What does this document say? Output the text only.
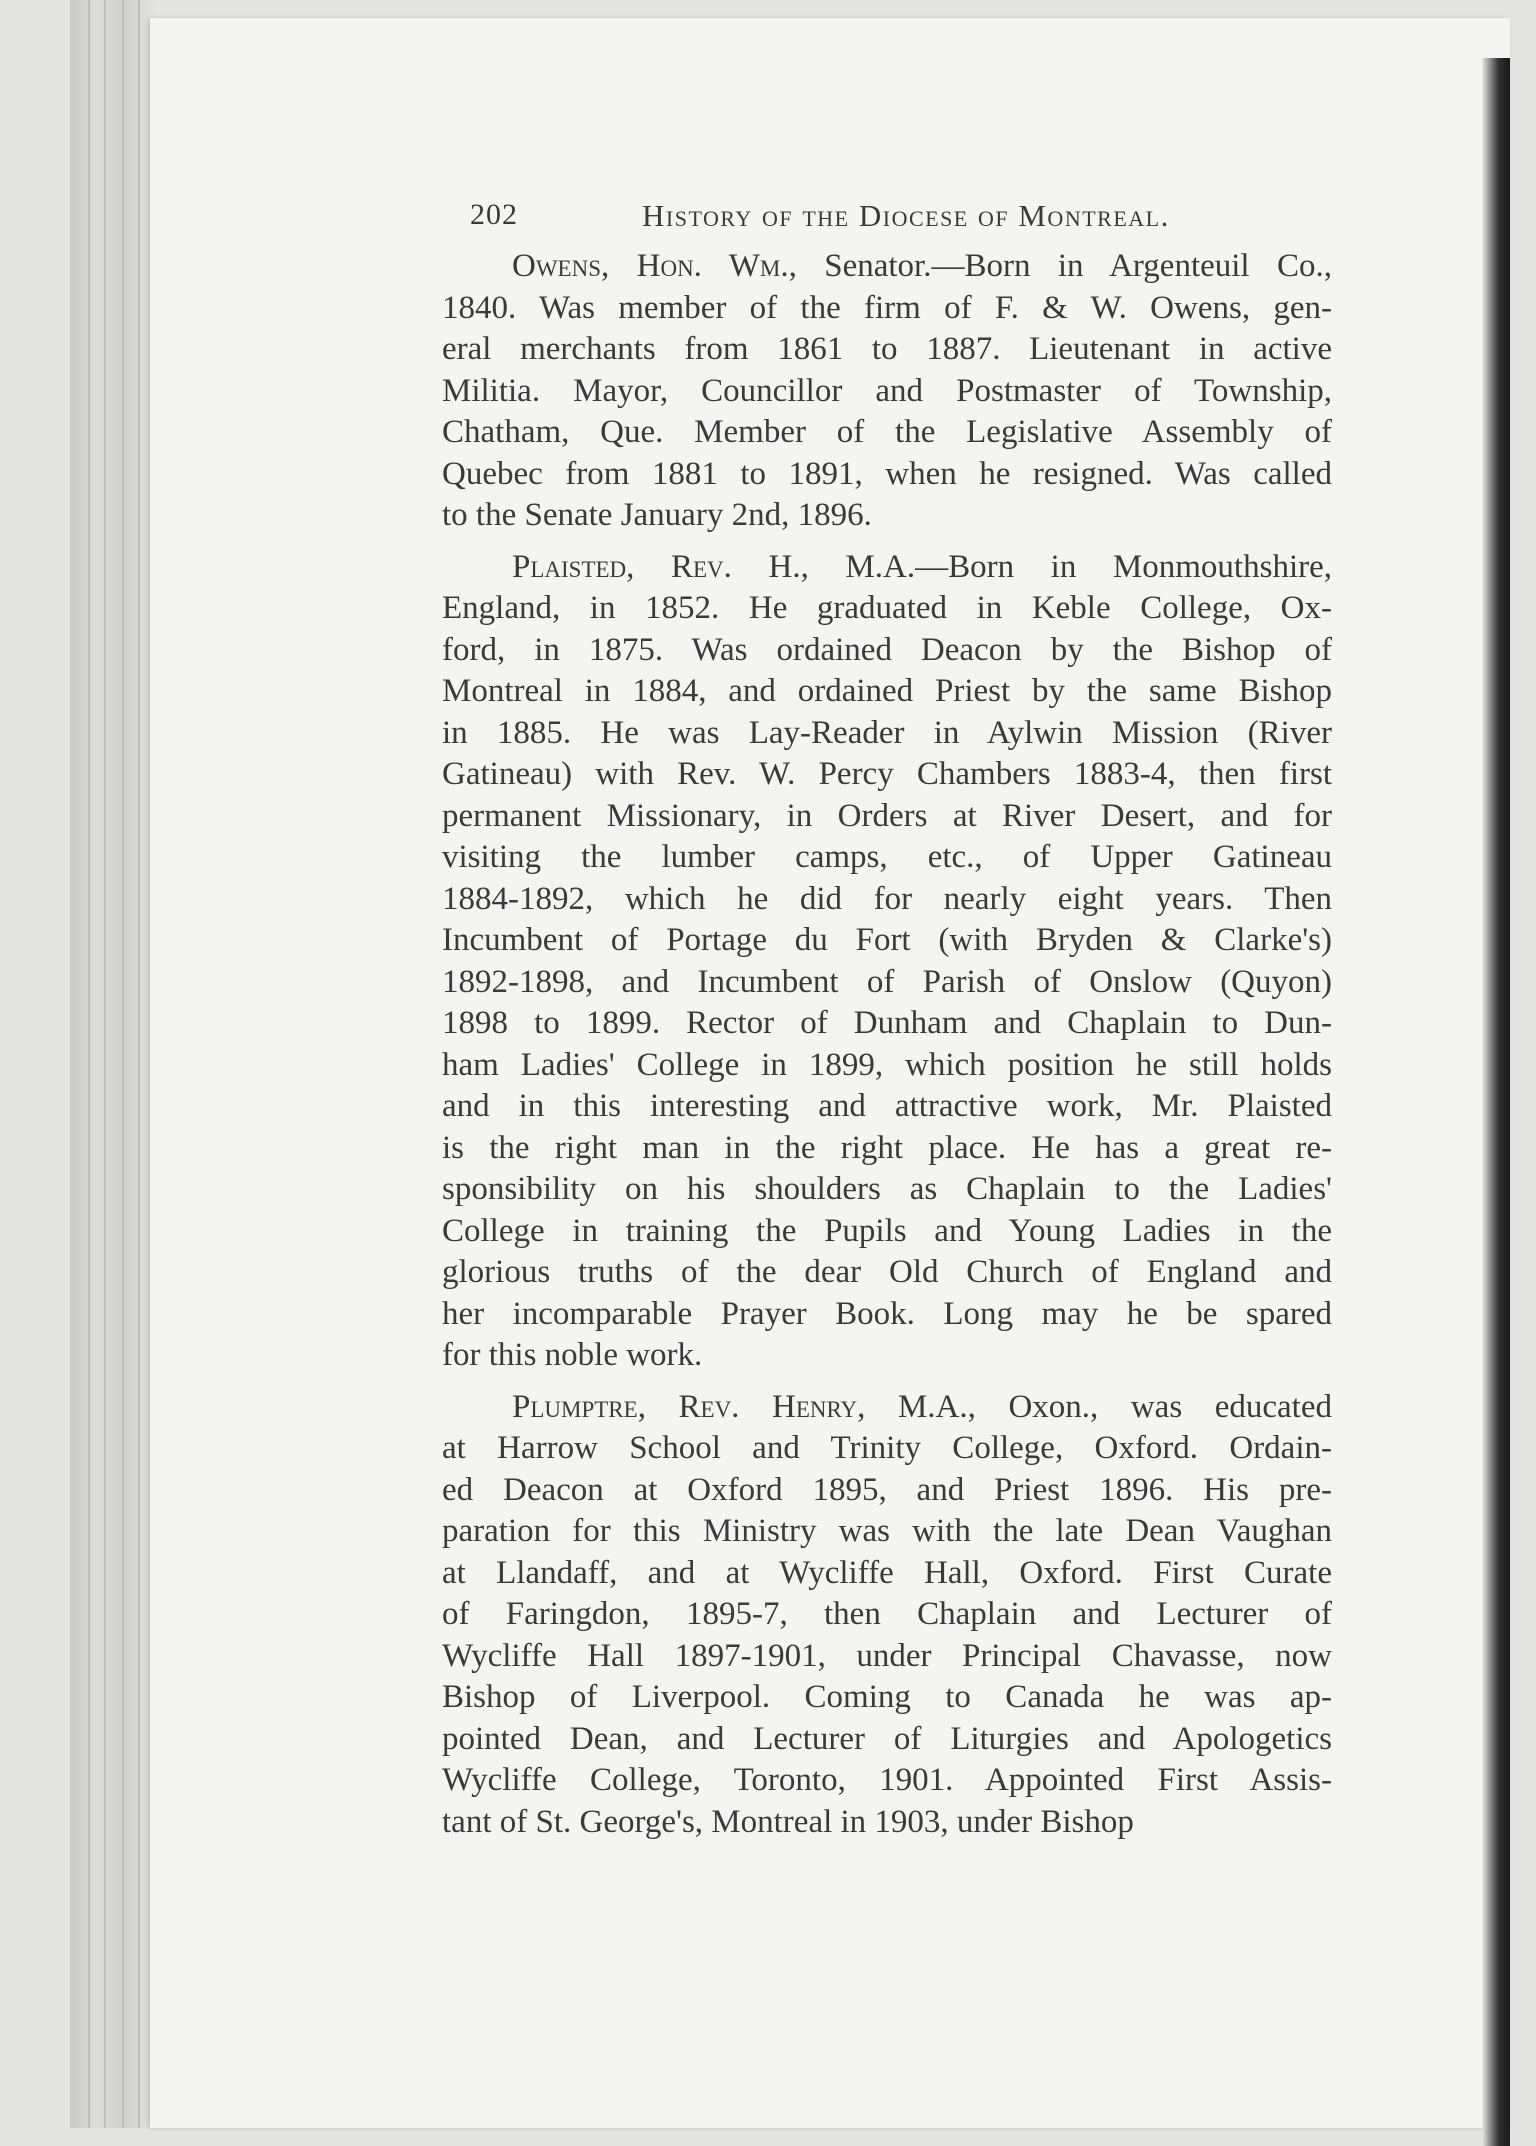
202	History of the Diocese of Montreal.
Owens, Hon. Wm., Senator.—Born in Argenteuil Co.,
1840. Was member of the firm of F. & W. Owens, gen-
eral merchants from 1861 to 1887. Lieutenant in active
Militia. Mayor, Councillor and Postmaster of Township,
Chatham, Que. Member of the Legislative Assembly of
Quebec from 1881 to 1891, when he resigned. Was called
to the Senate January 2nd, 1896.
Plaisted, Rev. H., M.A.—Born in Monmouthshire,
England, in 1852. He graduated in Keble College, Ox-
ford, in 1875. Was ordained Deacon by the Bishop of
Montreal in 1884, and ordained Priest by the same Bishop
in 1885. He was Lay-Reader in Aylwin Mission (River
Gatineau) with Rev. W. Percy Chambers 1883-4, then first
permanent Missionary, in Orders at River Desert, and for
visiting the lumber camps, etc., of Upper Gatineau
1884-1892, which he did for nearly eight years. Then
Incumbent of Portage du Fort (with Bryden & Clarke's)
1892-1898, and Incumbent of Parish of Onslow (Quyon)
1898 to 1899. Rector of Dunham and Chaplain to Dun-
ham Ladies' College in 1899, which position he still holds
and in this interesting and attractive work, Mr. Plaisted
is the right man in the right place. He has a great re-
sponsibility on his shoulders as Chaplain to the Ladies'
College in training the Pupils and Young Ladies in the
glorious truths of the dear Old Church of England and
her incomparable Prayer Book. Long may he be spared
for this noble work.
Plumptre, Rev. Henry, M.A., Oxon., was educated
at Harrow School and Trinity College, Oxford. Ordain-
ed Deacon at Oxford 1895, and Priest 1896. His pre-
paration for this Ministry was with the late Dean Vaughan
at Llandaff, and at Wycliffe Hall, Oxford. First Curate
of Faringdon, 1895-7, then Chaplain and Lecturer of
Wycliffe Hall 1897-1901, under Principal Chavasse, now
Bishop of Liverpool. Coming to Canada he was ap-
pointed Dean, and Lecturer of Liturgies and Apologetics
Wycliffe College, Toronto, 1901. Appointed First Assis-
tant of St. George's, Montreal in 1903, under Bishop
